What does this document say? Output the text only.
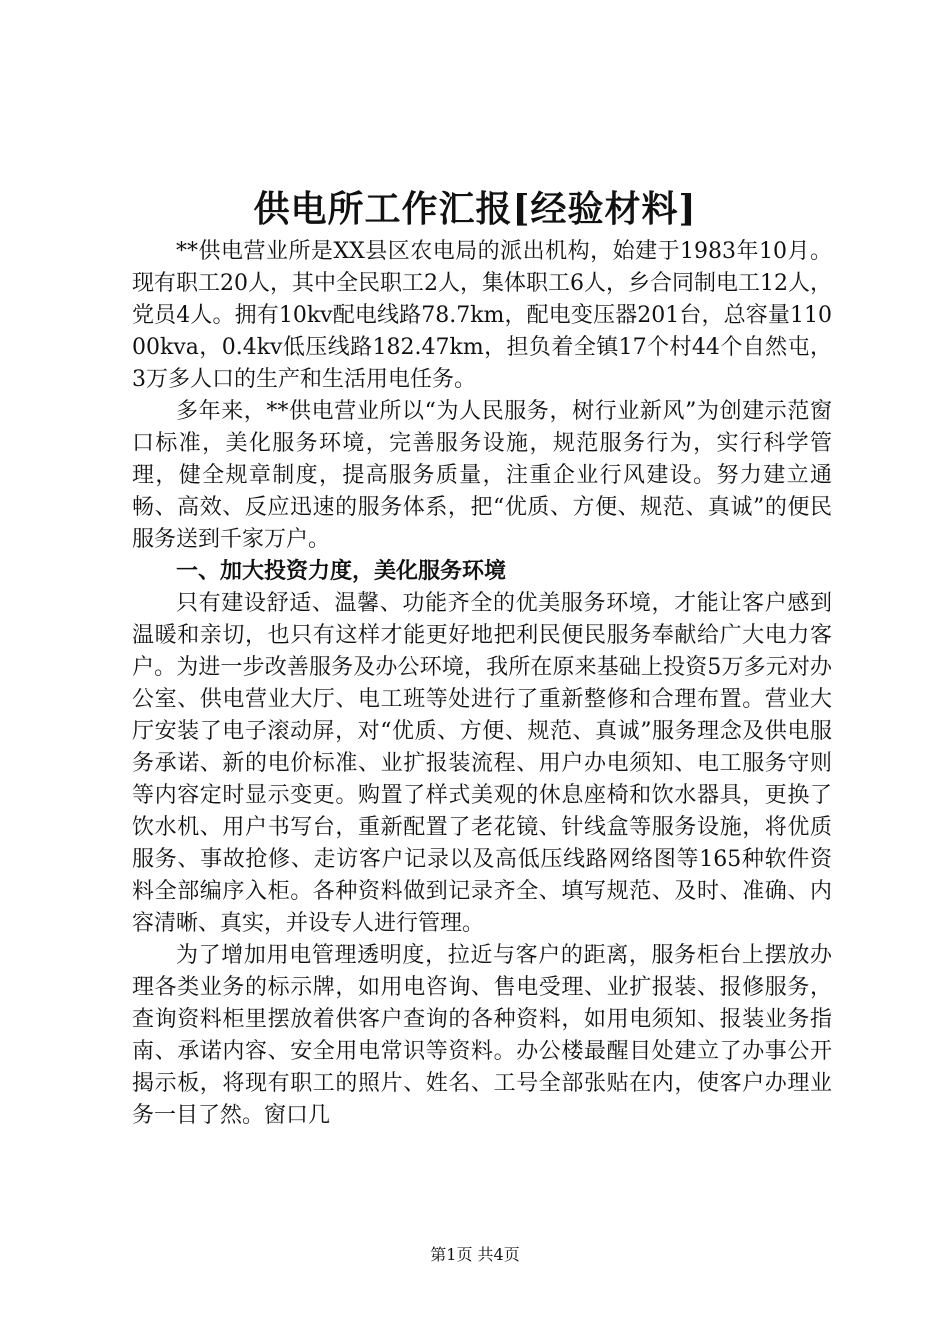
供电所工作汇报[经验材料]

**供电营业所是XX县区农电局的派出机构，始建于1983年10月。现有职工20人，其中全民职工2人，集体职工6人，乡合同制电工12人，党员4人。拥有10kv配电线路78.7km，配电变压器201台，总容量11000kva，0.4kv低压线路182.47km，担负着全镇17个村44个自然屯，3万多人口的生产和生活用电任务。

多年来，**供电营业所以“为人民服务，树行业新风”为创建示范窗口标准，美化服务环境，完善服务设施，规范服务行为，实行科学管理，健全规章制度，提高服务质量，注重企业行风建设。努力建立通畅、高效、反应迅速的服务体系，把“优质、方便、规范、真诚”的便民服务送到千家万户。

一、加大投资力度，美化服务环境

只有建设舒适、温馨、功能齐全的优美服务环境，才能让客户感到温暖和亲切，也只有这样才能更好地把利民便民服务奉献给广大电力客户。为进一步改善服务及办公环境，我所在原来基础上投资5万多元对办公室、供电营业大厅、电工班等处进行了重新整修和合理布置。营业大厅安装了电子滚动屏，对“优质、方便、规范、真诚”服务理念及供电服务承诺、新的电价标准、业扩报装流程、用户办电须知、电工服务守则等内容定时显示变更。购置了样式美观的休息座椅和饮水器具，更换了饮水机、用户书写台，重新配置了老花镜、针线盒等服务设施，将优质服务、事故抢修、走访客户记录以及高低压线路网络图等165种软件资料全部编序入柜。各种资料做到记录齐全、填写规范、及时、准确、内容清晰、真实，并设专人进行管理。

为了增加用电管理透明度，拉近与客户的距离，服务柜台上摆放办理各类业务的标示牌，如用电咨询、售电受理、业扩报装、报修服务，查询资料柜里摆放着供客户查询的各种资料，如用电须知、报装业务指南、承诺内容、安全用电常识等资料。办公楼最醒目处建立了办事公开揭示板，将现有职工的照片、姓名、工号全部张贴在内，使客户办理业务一目了然。窗口几

第1页 共4页
